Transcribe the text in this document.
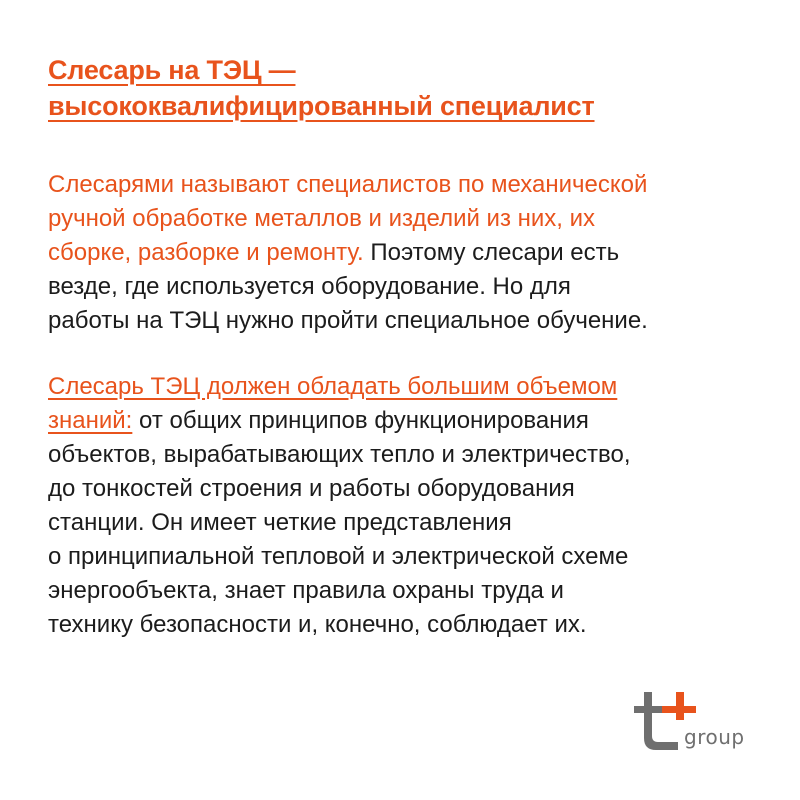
Слесарь на ТЭЦ —
высококвалифицированный специалист

Слесарями называют специалистов по механической
ручной обработке металлов и изделий из них, их
сборке, разборке и ремонту. Поэтому слесари есть
везде, где используется оборудование. Но для
работы на ТЭЦ нужно пройти специальное обучение.

Слесарь ТЭЦ должен обладать большим объемом
знаний: от общих принципов функционирования
объектов, вырабатывающих тепло и электричество,
до тонкостей строения и работы оборудования
станции. Он имеет четкие представления
о принципиальной тепловой и электрической схеме
энергообъекта, знает правила охраны труда и
технику безопасности и, конечно, соблюдает их.

group
